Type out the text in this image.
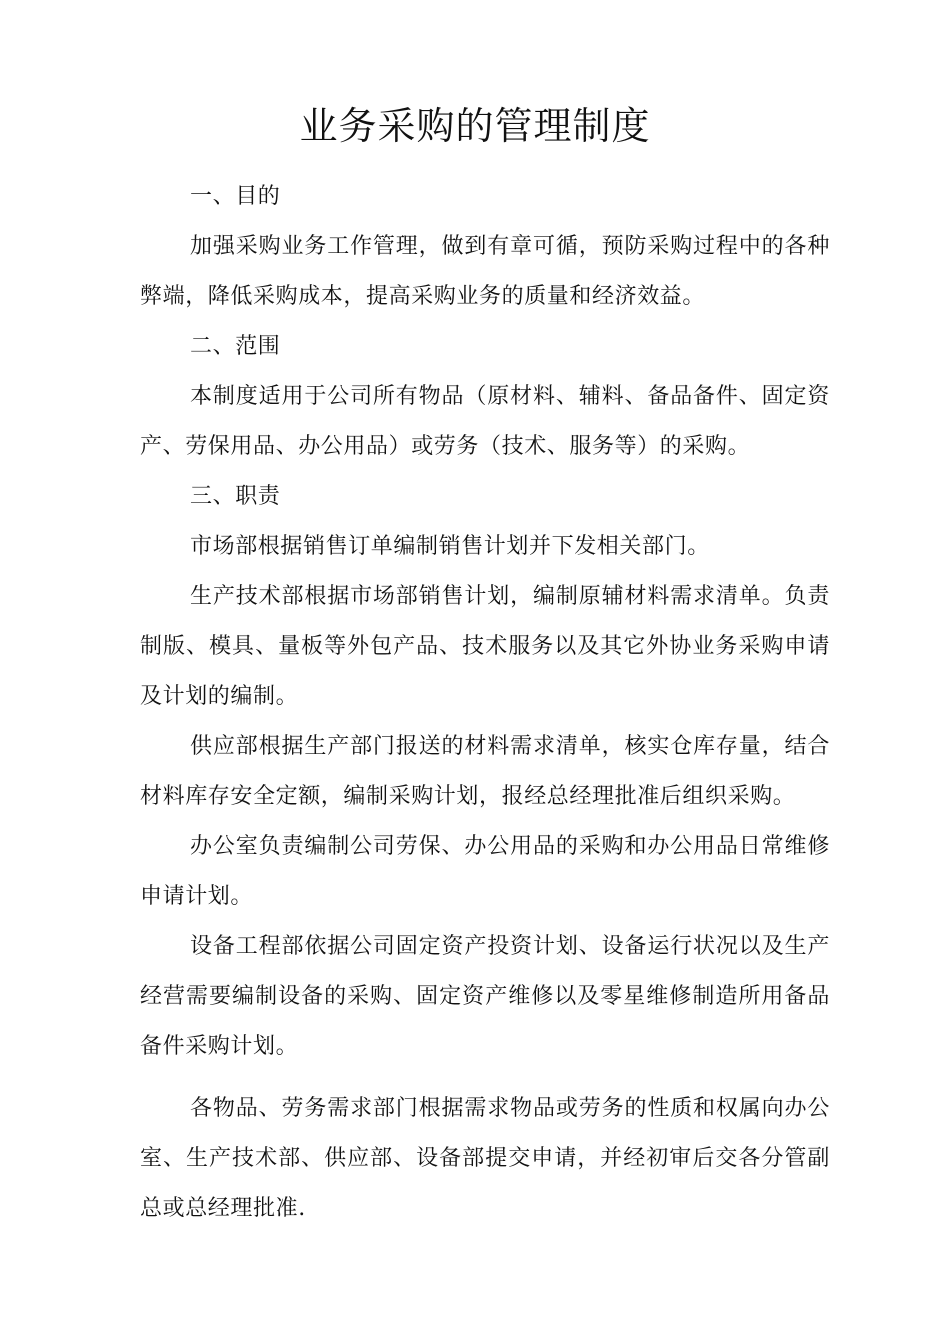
业务采购的管理制度

一、目的

加强采购业务工作管理，做到有章可循，预防采购过程中的各种弊端，降低采购成本，提高采购业务的质量和经济效益。

二、范围

本制度适用于公司所有物品（原材料、辅料、备品备件、固定资产、劳保用品、办公用品）或劳务（技术、服务等）的采购。

三、职责

市场部根据销售订单编制销售计划并下发相关部门。

生产技术部根据市场部销售计划，编制原辅材料需求清单。负责制版、模具、量板等外包产品、技术服务以及其它外协业务采购申请及计划的编制。

供应部根据生产部门报送的材料需求清单，核实仓库存量，结合材料库存安全定额，编制采购计划，报经总经理批准后组织采购。

办公室负责编制公司劳保、办公用品的采购和办公用品日常维修申请计划。

设备工程部依据公司固定资产投资计划、设备运行状况以及生产经营需要编制设备的采购、固定资产维修以及零星维修制造所用备品备件采购计划。

各物品、劳务需求部门根据需求物品或劳务的性质和权属向办公室、生产技术部、供应部、设备部提交申请，并经初审后交各分管副总或总经理批准.
